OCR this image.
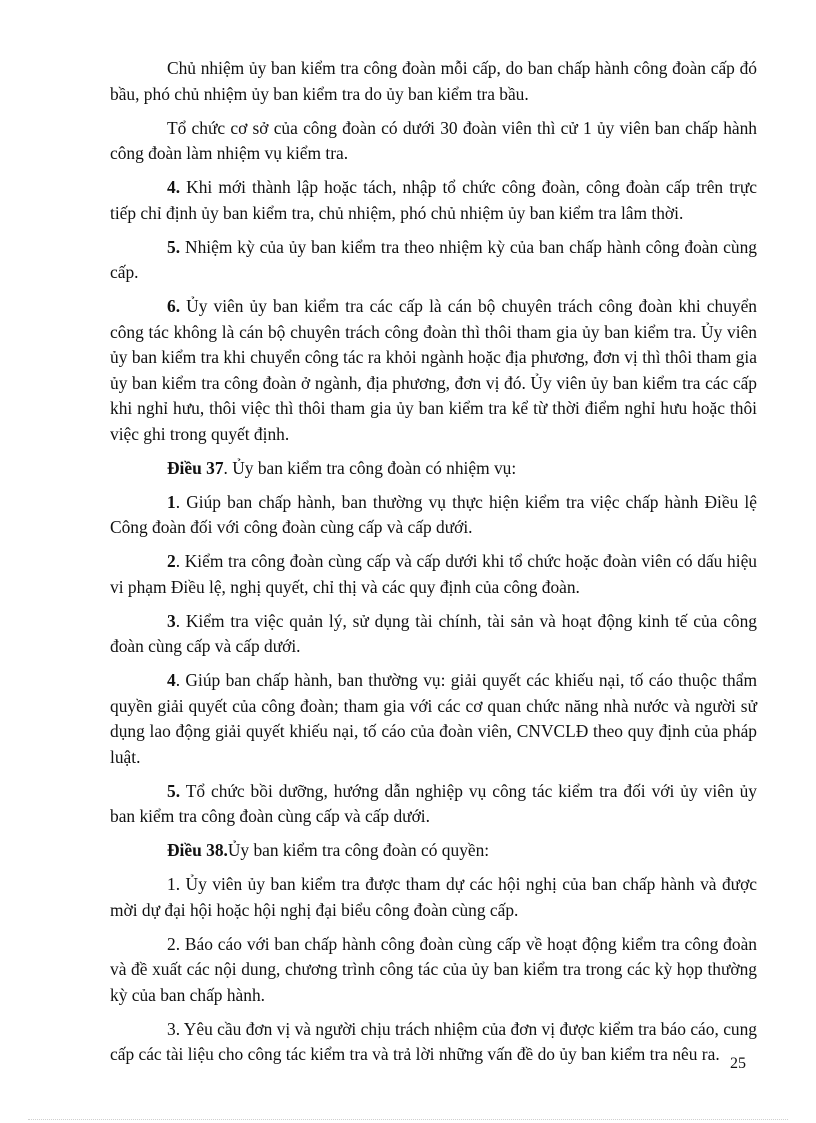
Chủ nhiệm ủy ban kiểm tra công đoàn mỗi cấp, do ban chấp hành công đoàn cấp đó bầu, phó chủ nhiệm ủy ban kiểm tra do ủy ban kiểm tra bầu.

Tổ chức cơ sở của công đoàn có dưới 30 đoàn viên thì cử 1 ủy viên ban chấp hành công đoàn làm nhiệm vụ kiểm tra.

4. Khi mới thành lập hoặc tách, nhập tổ chức công đoàn, công đoàn cấp trên trực tiếp chỉ định ủy ban kiểm tra, chủ nhiệm, phó chủ nhiệm ủy ban kiểm tra lâm thời.

5. Nhiệm kỳ của ủy ban kiểm tra theo nhiệm kỳ của ban chấp hành công đoàn cùng cấp.

6. Ủy viên ủy ban kiểm tra các cấp là cán bộ chuyên trách công đoàn khi chuyển công tác không là cán bộ chuyên trách công đoàn thì thôi tham gia ủy ban kiểm tra. Ủy viên ủy ban kiểm tra khi chuyển công tác ra khỏi ngành hoặc địa phương, đơn vị thì thôi tham gia ủy ban kiểm tra công đoàn ở ngành, địa phương, đơn vị đó. Ủy viên ủy ban kiểm tra các cấp khi nghỉ hưu, thôi việc thì thôi tham gia ủy ban kiểm tra kể từ thời điểm nghỉ hưu hoặc thôi việc ghi trong quyết định.

Điều 37. Ủy ban kiểm tra công đoàn có nhiệm vụ:

1. Giúp ban chấp hành, ban thường vụ thực hiện kiểm tra việc chấp hành Điều lệ Công đoàn đối với công đoàn cùng cấp và cấp dưới.

2. Kiểm tra công đoàn cùng cấp và cấp dưới khi tổ chức hoặc đoàn viên có dấu hiệu vi phạm Điều lệ, nghị quyết, chỉ thị và các quy định của công đoàn.

3. Kiểm tra việc quản lý, sử dụng tài chính, tài sản và hoạt động kinh tế của công đoàn cùng cấp và cấp dưới.

4. Giúp ban chấp hành, ban thường vụ: giải quyết các khiếu nại, tố cáo thuộc thẩm quyền giải quyết của công đoàn; tham gia với các cơ quan chức năng nhà nước và người sử dụng lao động giải quyết khiếu nại, tố cáo của đoàn viên, CNVCLĐ theo quy định của pháp luật.

5. Tổ chức bồi dưỡng, hướng dẫn nghiệp vụ công tác kiểm tra đối với ủy viên ủy ban kiểm tra công đoàn cùng cấp và cấp dưới.

Điều 38.Ủy ban kiểm tra công đoàn có quyền:

1. Ủy viên ủy ban kiểm tra được tham dự các hội nghị của ban chấp hành và được mời dự đại hội hoặc hội nghị đại biểu công đoàn cùng cấp.

2. Báo cáo với ban chấp hành công đoàn cùng cấp về hoạt động kiểm tra công đoàn và đề xuất các nội dung, chương trình công tác của ủy ban kiểm tra trong các kỳ họp thường kỳ của ban chấp hành.

3. Yêu cầu đơn vị và người chịu trách nhiệm của đơn vị được kiểm tra báo cáo, cung cấp các tài liệu cho công tác kiểm tra và trả lời những vấn đề do ủy ban kiểm tra nêu ra. 25
